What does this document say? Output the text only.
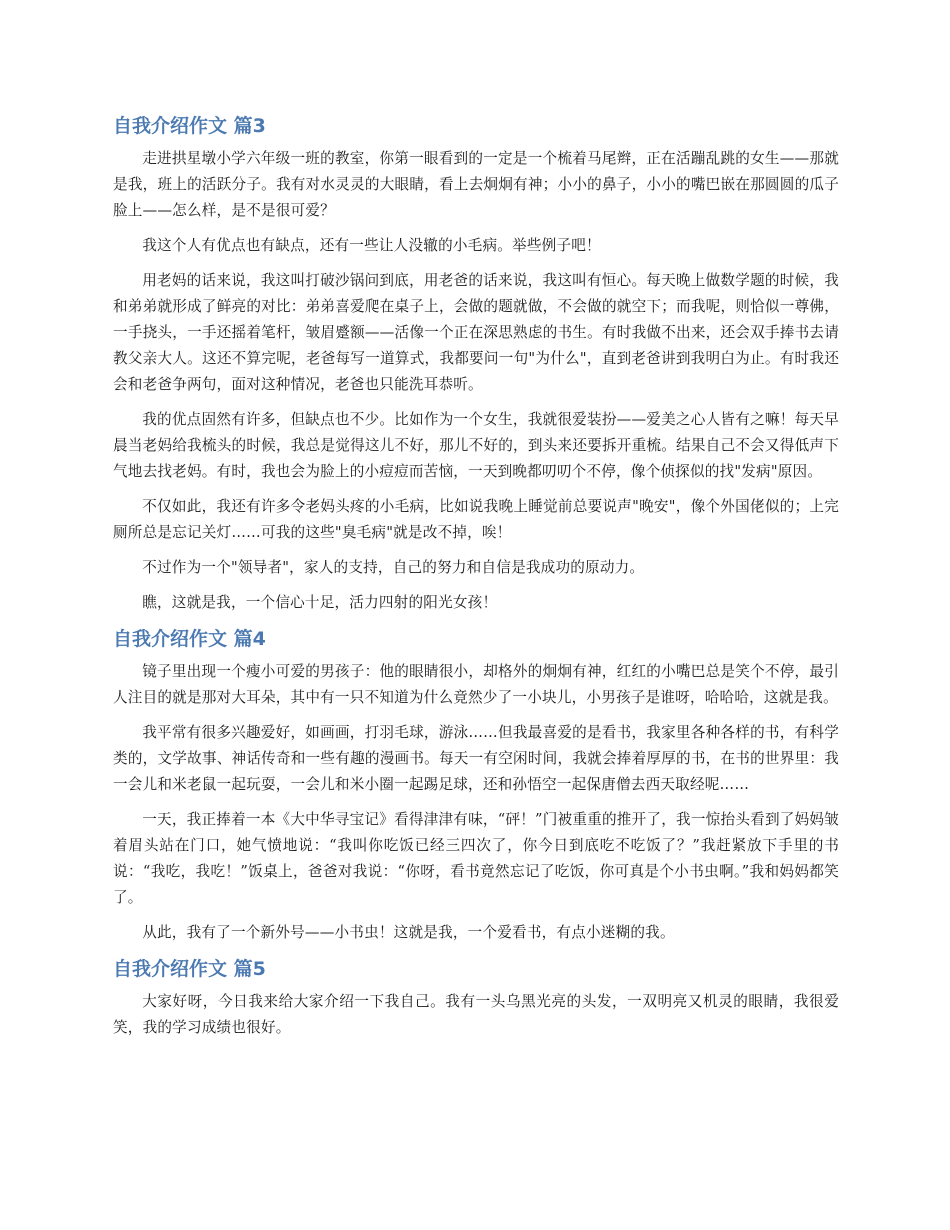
自我介绍作文 篇3

走进拱星墩小学六年级一班的教室，你第一眼看到的一定是一个梳着马尾辫，正在活蹦乱跳的女生——那就是我，班上的活跃分子。我有对水灵灵的大眼睛，看上去炯炯有神；小小的鼻子，小小的嘴巴嵌在那圆圆的瓜子脸上——怎么样，是不是很可爱？

我这个人有优点也有缺点，还有一些让人没辙的小毛病。举些例子吧！

用老妈的话来说，我这叫打破沙锅问到底，用老爸的话来说，我这叫有恒心。每天晚上做数学题的时候，我和弟弟就形成了鲜亮的对比：弟弟喜爱爬在桌子上，会做的题就做，不会做的就空下；而我呢，则恰似一尊佛，一手挠头，一手还摇着笔杆，皱眉蹙额——活像一个正在深思熟虑的书生。有时我做不出来，还会双手捧书去请教父亲大人。这还不算完呢，老爸每写一道算式，我都要问一句"为什么"，直到老爸讲到我明白为止。有时我还会和老爸争两句，面对这种情况，老爸也只能洗耳恭听。

我的优点固然有许多，但缺点也不少。比如作为一个女生，我就很爱装扮——爱美之心人皆有之嘛！每天早晨当老妈给我梳头的时候，我总是觉得这儿不好，那儿不好的，到头来还要拆开重梳。结果自己不会又得低声下气地去找老妈。有时，我也会为脸上的小痘痘而苦恼，一天到晚都叨叨个不停，像个侦探似的找"发病"原因。

不仅如此，我还有许多令老妈头疼的小毛病，比如说我晚上睡觉前总要说声"晚安"，像个外国佬似的；上完厕所总是忘记关灯……可我的这些"臭毛病"就是改不掉，唉！

不过作为一个"领导者"，家人的支持，自己的努力和自信是我成功的原动力。

瞧，这就是我，一个信心十足，活力四射的阳光女孩！

自我介绍作文 篇4

镜子里出现一个瘦小可爱的男孩子：他的眼睛很小，却格外的炯炯有神，红红的小嘴巴总是笑个不停，最引人注目的就是那对大耳朵，其中有一只不知道为什么竟然少了一小块儿，小男孩子是谁呀，哈哈哈，这就是我。

我平常有很多兴趣爱好，如画画，打羽毛球，游泳……但我最喜爱的是看书，我家里各种各样的书，有科学类的，文学故事、神话传奇和一些有趣的漫画书。每天一有空闲时间，我就会捧着厚厚的书，在书的世界里：我一会儿和米老鼠一起玩耍，一会儿和米小圈一起踢足球，还和孙悟空一起保唐僧去西天取经呢……

一天，我正捧着一本《大中华寻宝记》看得津津有味，“砰！”门被重重的推开了，我一惊抬头看到了妈妈皱着眉头站在门口，她气愤地说：“我叫你吃饭已经三四次了，你今日到底吃不吃饭了？”我赶紧放下手里的书说：“我吃，我吃！”饭桌上，爸爸对我说：“你呀，看书竟然忘记了吃饭，你可真是个小书虫啊。”我和妈妈都笑了。

从此，我有了一个新外号——小书虫！这就是我，一个爱看书，有点小迷糊的我。

自我介绍作文 篇5

大家好呀，今日我来给大家介绍一下我自己。我有一头乌黑光亮的头发，一双明亮又机灵的眼睛，我很爱笑，我的学习成绩也很好。
